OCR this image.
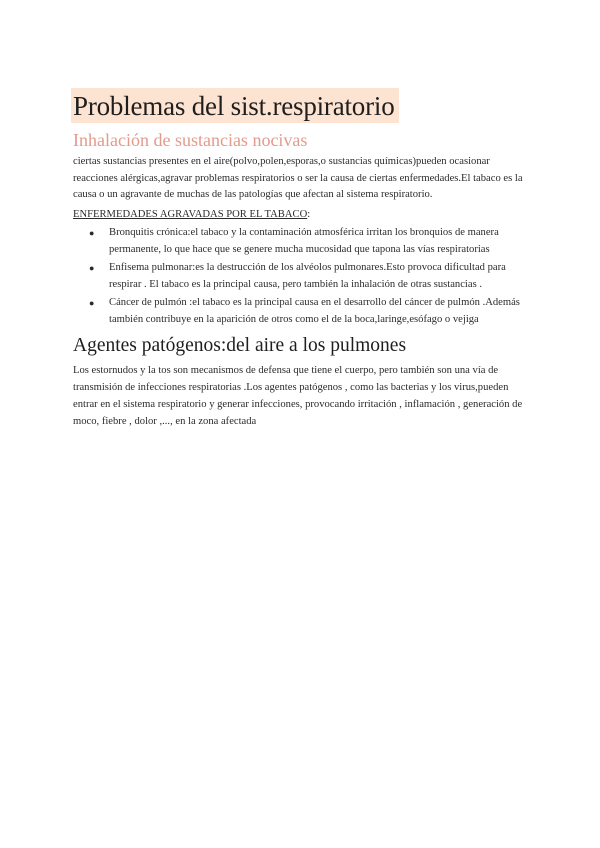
Problemas del sist.respiratorio
Inhalación de sustancias nocivas
ciertas sustancias presentes en el aire(polvo,polen,esporas,o sustancias químicas)pueden ocasionar reacciones alérgicas,agravar problemas respiratorios o ser la causa de ciertas enfermedades.El tabaco es la causa o un agravante de muchas de las patologías que afectan al sistema respiratorio.
ENFERMEDADES AGRAVADAS POR EL TABACO:
● Bronquitis crónica:el tabaco y la contaminación atmosférica irritan los bronquios de manera permanente, lo que hace que se genere mucha mucosidad que tapona las vías respiratorias
● Enfisema pulmonar:es la destrucción de los alvéolos pulmonares.Esto provoca dificultad para respirar . El tabaco es la principal causa, pero también la inhalación de otras sustancias .
● Cáncer de pulmón :el tabaco es la principal causa en el desarrollo del cáncer de pulmón .Además también contribuye en la aparición de otros como el de la boca,laringe,esófago o vejiga
Agentes patógenos:del aire a los pulmones
Los estornudos y la tos son mecanismos de defensa que tiene el cuerpo, pero también son una vía de transmisión de infecciones respiratorias .Los agentes patógenos , como las bacterias y los virus,pueden entrar en el sistema respiratorio y generar infecciones, provocando irritación , inflamación , generación de moco, fiebre , dolor ,..., en la zona afectada
